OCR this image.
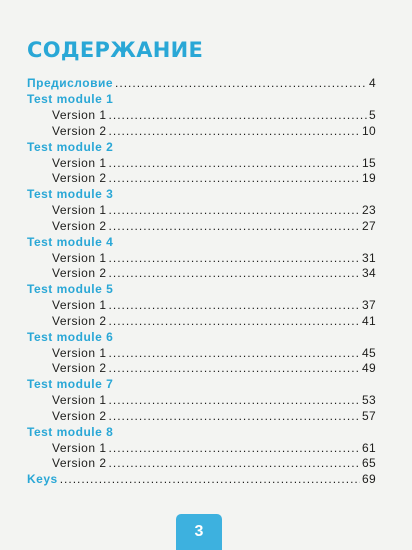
СОДЕРЖАНИЕ
Предисловие .....	4
Test module 1
Version 1 .....	5
Version 2 .....	10
Test module 2
Version 1 .....	15
Version 2 .....	19
Test module 3
Version 1 .....	23
Version 2 .....	27
Test module 4
Version 1 .....	31
Version 2 .....	34
Test module 5
Version 1 .....	37
Version 2 .....	41
Test module 6
Version 1 .....	45
Version 2 .....	49
Test module 7
Version 1 .....	53
Version 2 .....	57
Test module 8
Version 1 .....	61
Version 2 .....	65
Keys .....	69
3
